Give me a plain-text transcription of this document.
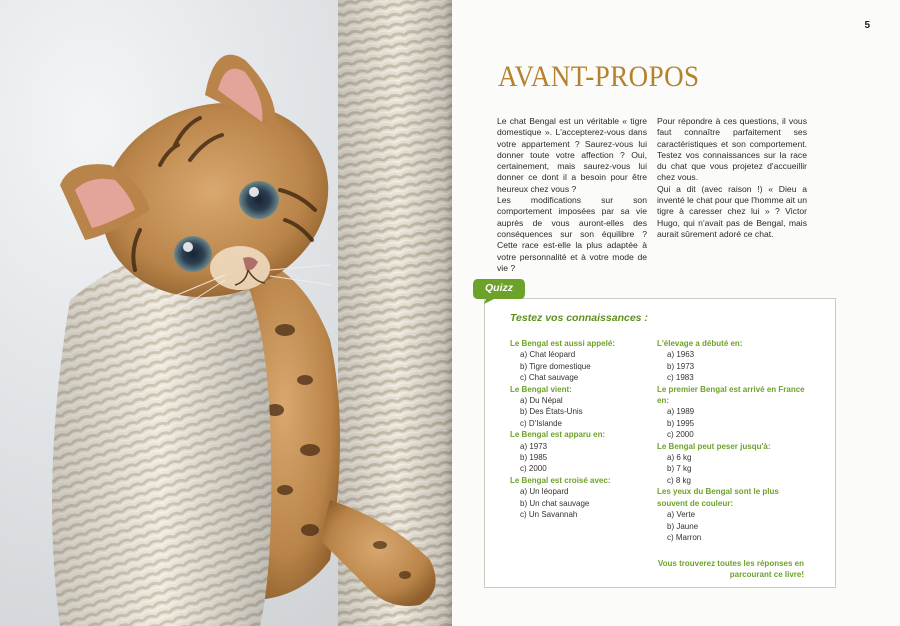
5
AVANT-PROPOS

Le chat Bengal est un véritable « tigre domestique ». L'accepterez-vous dans votre appartement ? Saurez-vous lui donner toute votre affection ? Oui, certainement, mais saurez-vous lui donner ce dont il a besoin pour être heureux chez vous ?

Les modifications sur son comportement imposées par sa vie auprès de vous auront-elles des conséquences sur son équilibre ? Cette race est-elle la plus adaptée à votre personnalité et à votre mode de vie ?

Pour répondre à ces questions, il vous faut connaître parfaitement ses caractéristiques et son comportement. Testez vos connaissances sur la race du chat que vous projetez d'accueillir chez vous.

Qui a dit (avec raison !) « Dieu a inventé le chat pour que l'homme ait un tigre à caresser chez lui » ? Victor Hugo, qui n'avait pas de Bengal, mais aurait sûrement adoré ce chat.

Quizz
Testez vos connaissances :
Le Bengal est aussi appelé:
a) Chat léopard
b) Tigre domestique
c) Chat sauvage
Le Bengal vient:
a) Du Népal
b) Des États-Unis
c) D'Islande
Le Bengal est apparu en:
a) 1973
b) 1985
c) 2000
Le Bengal est croisé avec:
a) Un léopard
b) Un chat sauvage
c) Un Savannah
L'élevage a débuté en:
a) 1963
b) 1973
c) 1983
Le premier Bengal est arrivé en France en:
a) 1989
b) 1995
c) 2000
Le Bengal peut peser jusqu'à:
a) 6 kg
b) 7 kg
c) 8 kg
Les yeux du Bengal sont le plus souvent de couleur:
a) Verte
b) Jaune
c) Marron
Vous trouverez toutes les réponses en parcourant ce livre!
